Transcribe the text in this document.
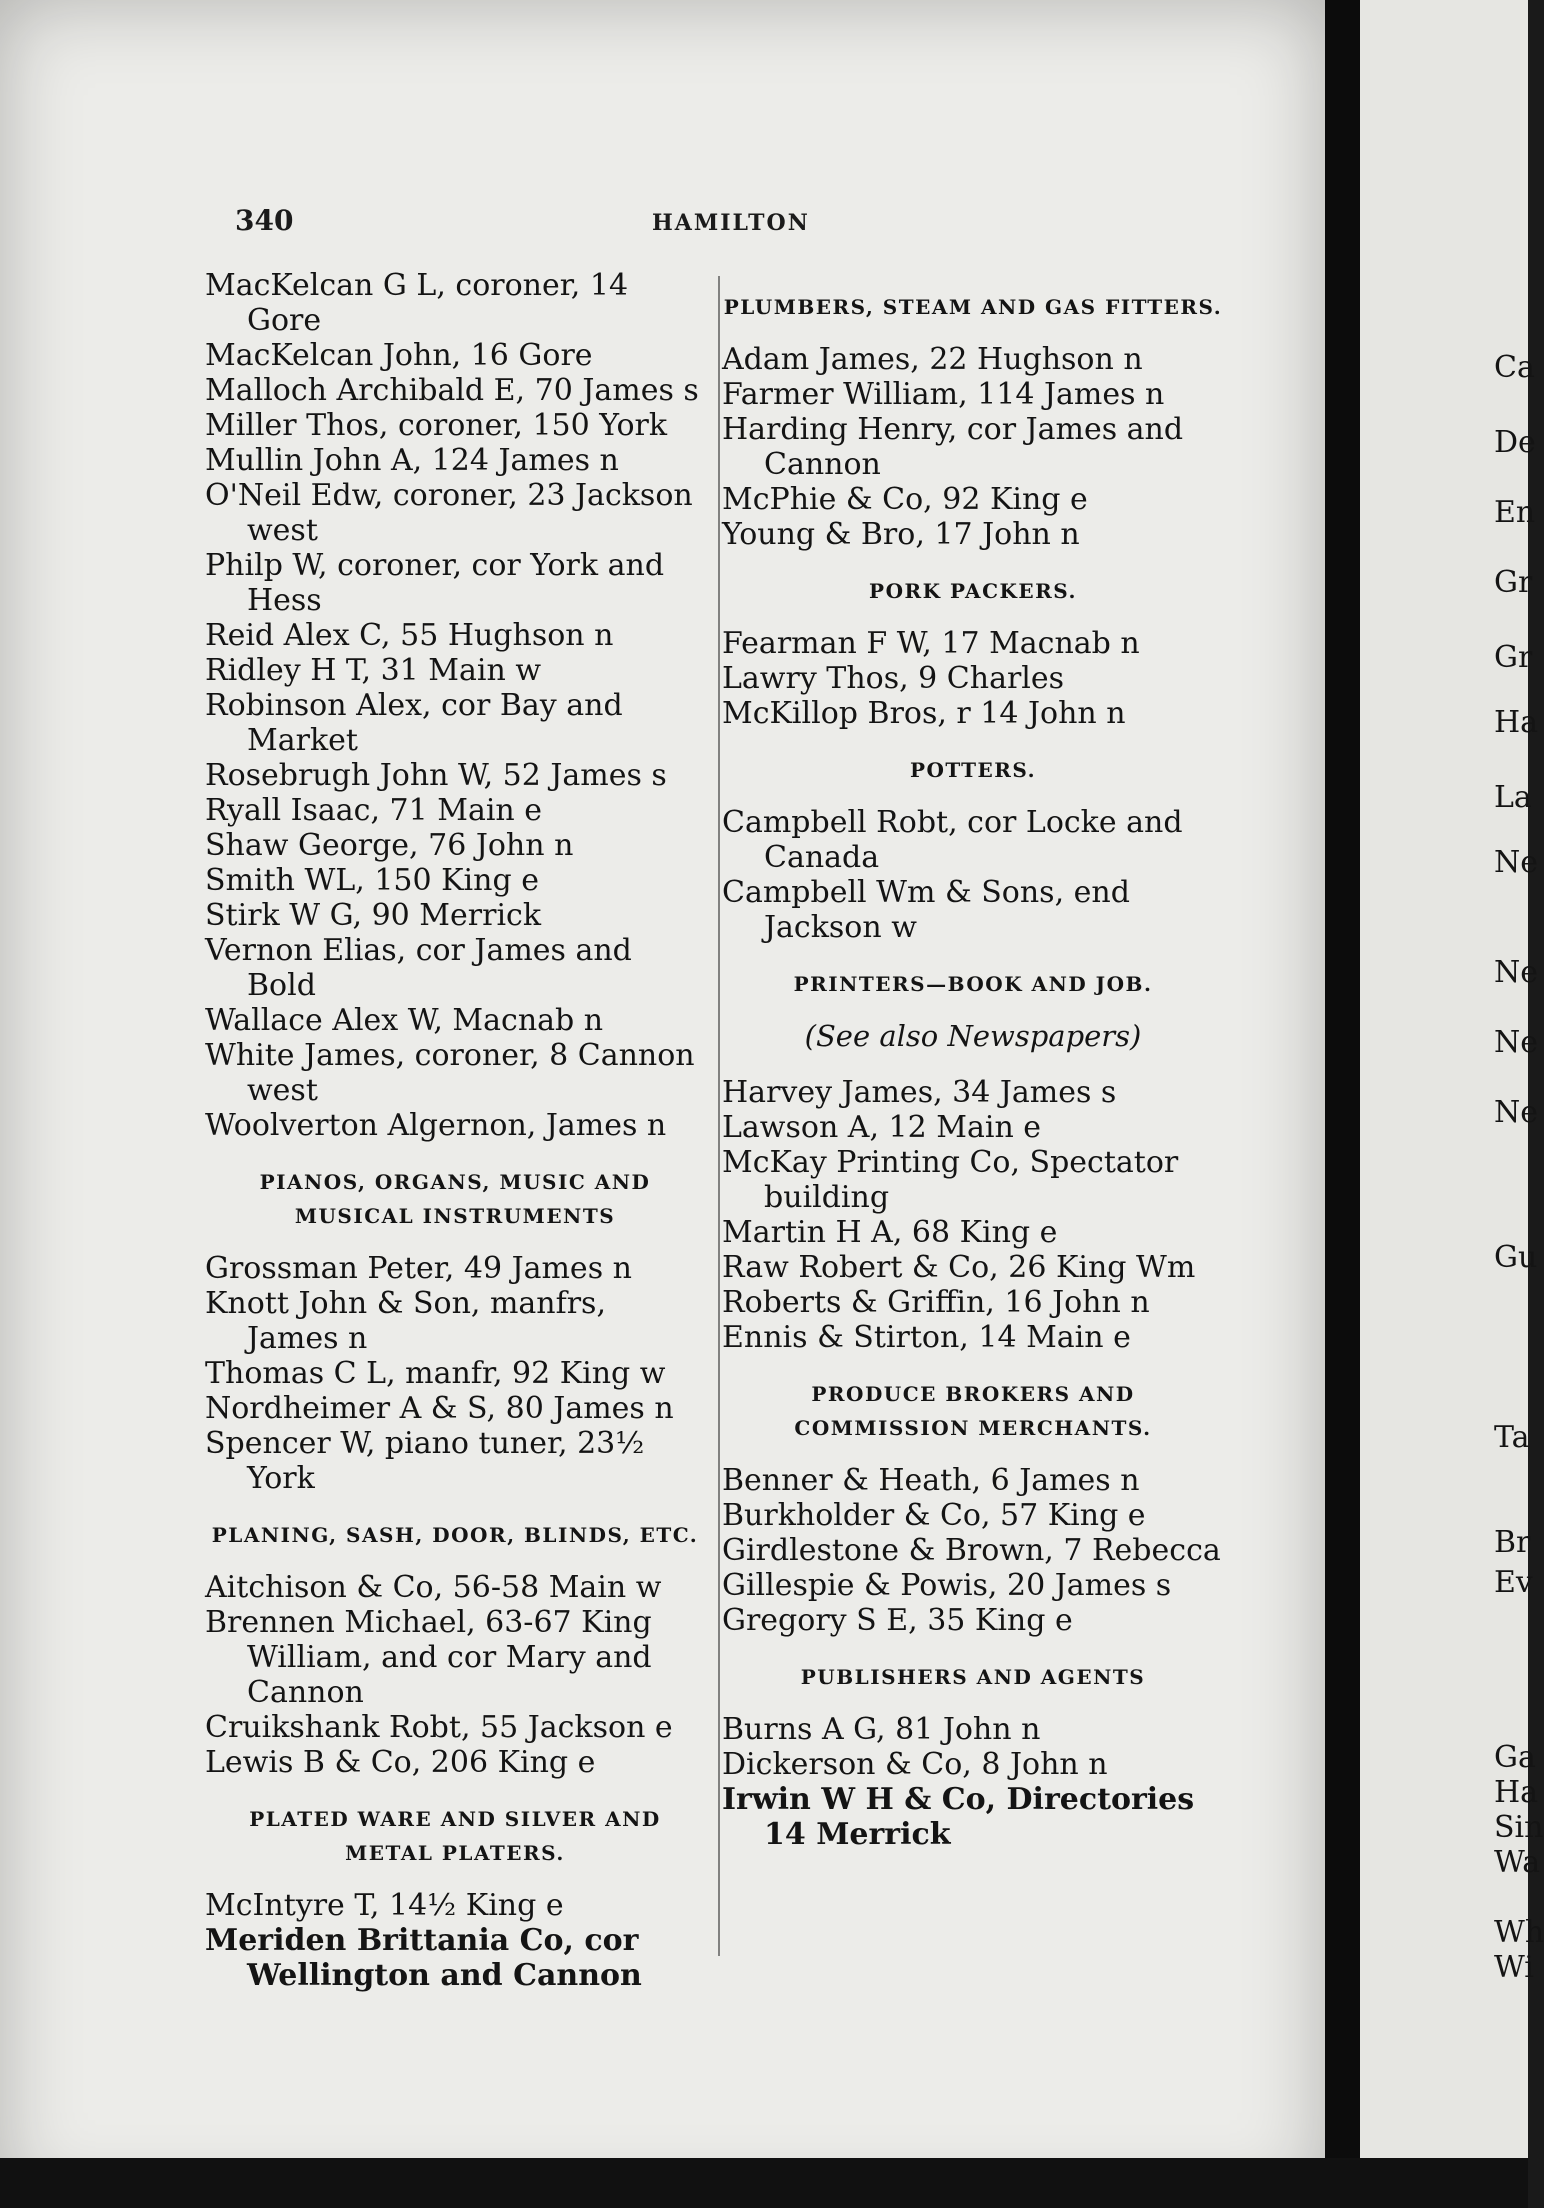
340	HAMILTON
MacKelcan G L, coroner, 14 Gore
MacKelcan John, 16 Gore
Malloch Archibald E, 70 James s
Miller Thos, coroner, 150 York
Mullin John A, 124 James n
O'Neil Edw, coroner, 23 Jackson west
Philp W, coroner, cor York and Hess
Reid Alex C, 55 Hughson n
Ridley H T, 31 Main w
Robinson Alex, cor Bay and Market
Rosebrugh John W, 52 James s
Ryall Isaac, 71 Main e
Shaw George, 76 John n
Smith WL, 150 King e
Stirk W G, 90 Merrick
Vernon Elias, cor James and Bold
Wallace Alex W, Macnab n
White James, coroner, 8 Cannon west
Woolverton Algernon, James n
PIANOS, ORGANS, MUSIC AND MUSICAL INSTRUMENTS
Grossman Peter, 49 James n
Knott John & Son, manfrs, James n
Thomas C L, manfr, 92 King w
Nordheimer A & S, 80 James n
Spencer W, piano tuner, 23½ York
PLANING, SASH, DOOR, BLINDS, ETC.
Aitchison & Co, 56-58 Main w
Brennen Michael, 63-67 King William, and cor Mary and Cannon
Cruikshank Robt, 55 Jackson e
Lewis B & Co, 206 King e
PLATED WARE AND SILVER AND METAL PLATERS.
McIntyre T, 14½ King e
Meriden Brittania Co, cor Wellington and Cannon
PLUMBERS, STEAM AND GAS FITTERS.
Adam James, 22 Hughson n
Farmer William, 114 James n
Harding Henry, cor James and Cannon
McPhie & Co, 92 King e
Young & Bro, 17 John n
PORK PACKERS.
Fearman F W, 17 Macnab n
Lawry Thos, 9 Charles
McKillop Bros, r 14 John n
POTTERS.
Campbell Robt, cor Locke and Canada
Campbell Wm & Sons, end Jackson w
PRINTERS—BOOK AND JOB.
(See also Newspapers)
Harvey James, 34 James s
Lawson A, 12 Main e
McKay Printing Co, Spectator building
Martin H A, 68 King e
Raw Robert & Co, 26 King Wm
Roberts & Griffin, 16 John n
Ennis & Stirton, 14 Main e
PRODUCE BROKERS AND COMMISSION MERCHANTS.
Benner & Heath, 6 James n
Burkholder & Co, 57 King e
Girdlestone & Brown, 7 Rebecca
Gillespie & Powis, 20 James s
Gregory S E, 35 King e
PUBLISHERS AND AGENTS
Burns A G, 81 John n
Dickerson & Co, 8 John n
Irwin W H & Co, Directories 14 Merrick
Ca
De
En
Gr
Gr
Ha
La
Ne
Ne
Ne
Ne
Gu
Ta
Br
Ev
Ga
Ha
Sin
Wa
Wh
Wi
